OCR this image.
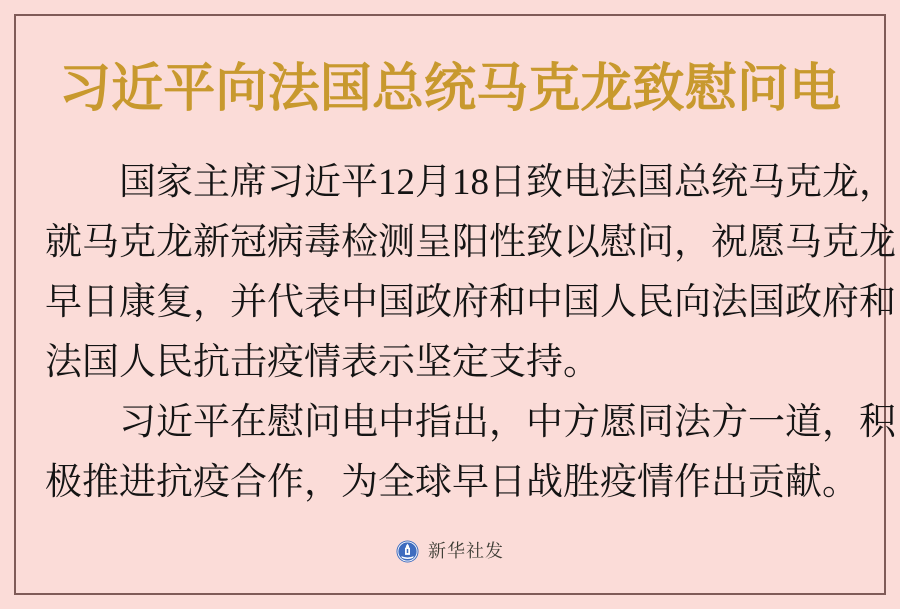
习近平向法国总统马克龙致慰问电
国家主席习近平12月18日致电法国总统马克龙，
就马克龙新冠病毒检测呈阳性致以慰问，祝愿马克龙
早日康复，并代表中国政府和中国人民向法国政府和
法国人民抗击疫情表示坚定支持。
习近平在慰问电中指出，中方愿同法方一道，积
极推进抗疫合作，为全球早日战胜疫情作出贡献。
新华社发
